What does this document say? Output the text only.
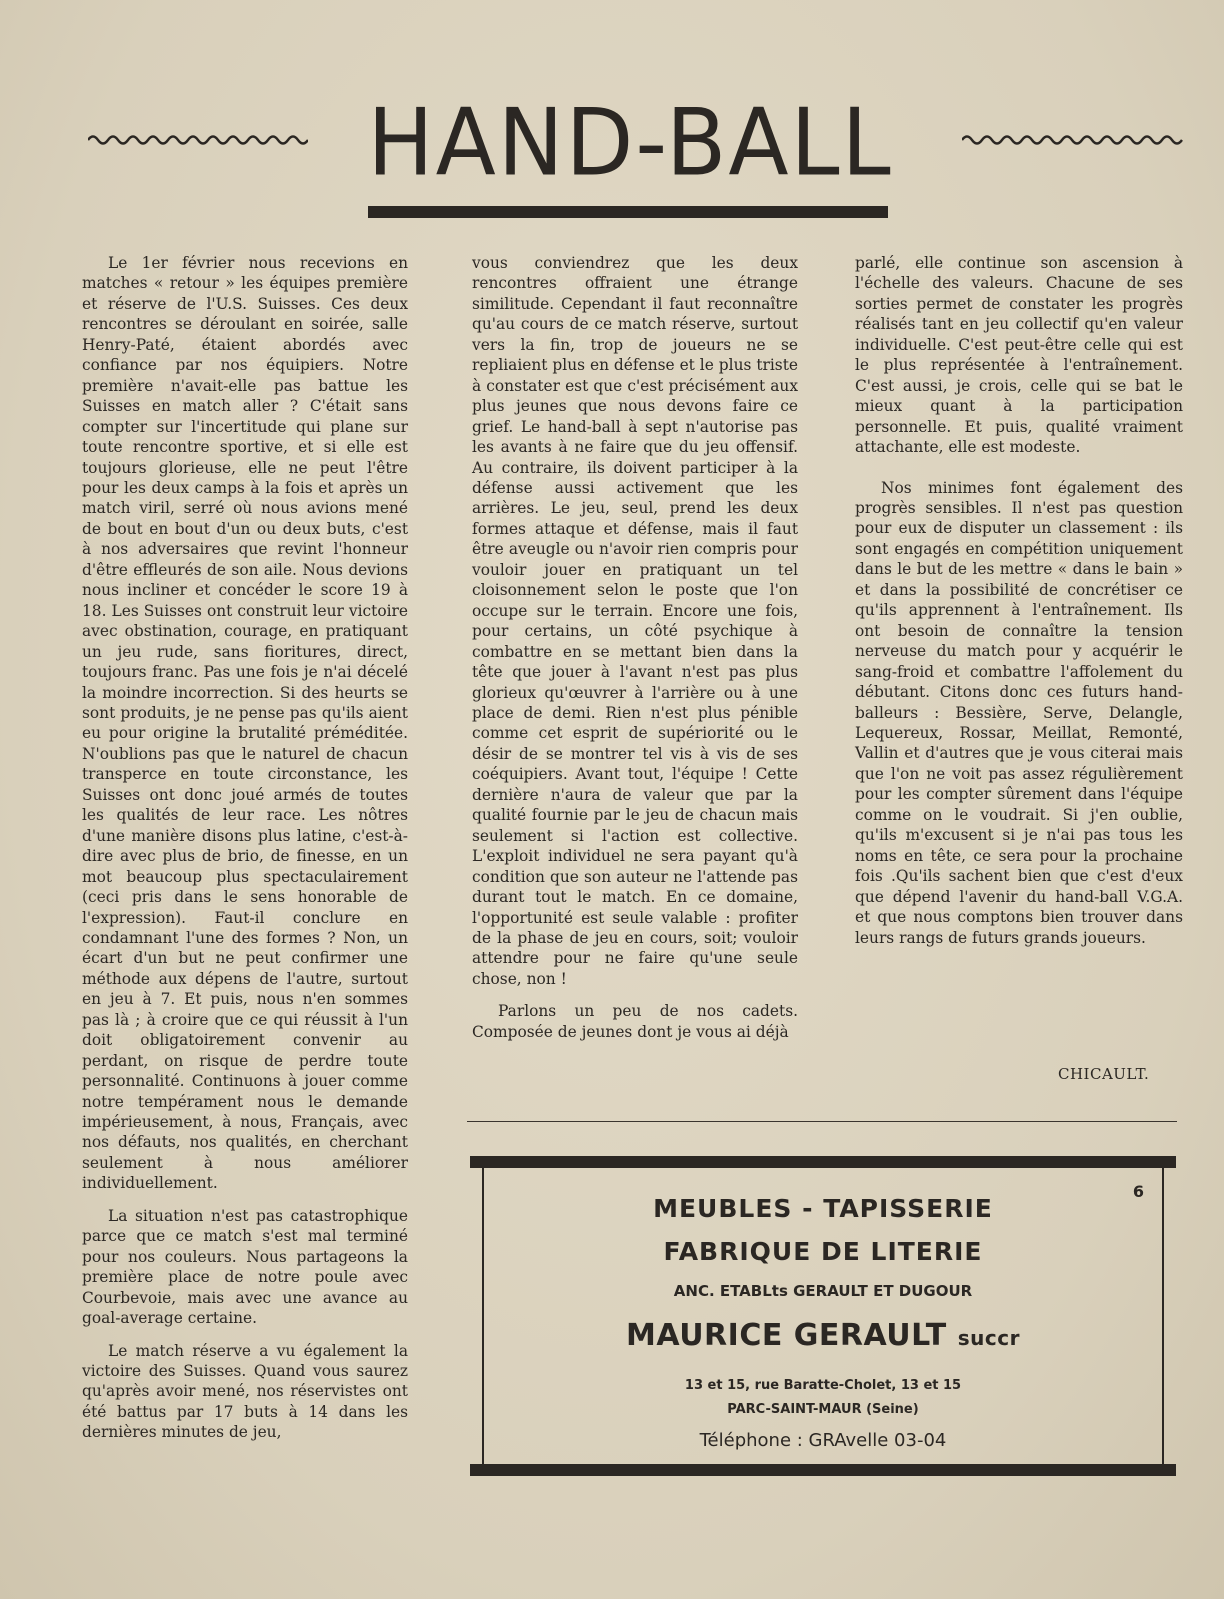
HAND-BALL

Le 1er février nous recevions en matches « retour » les équipes première et réserve de l'U.S. Suisses. Ces deux rencontres se déroulant en soirée, salle Henry-Paté, étaient abordés avec confiance par nos équipiers. Notre première n'avait-elle pas battue les Suisses en match aller ? C'était sans compter sur l'incertitude qui plane sur toute rencontre sportive, et si elle est toujours glorieuse, elle ne peut l'être pour les deux camps à la fois et après un match viril, serré où nous avions mené de bout en bout d'un ou deux buts, c'est à nos adversaires que revint l'honneur d'être effleurés de son aile. Nous devions nous incliner et concéder le score 19 à 18. Les Suisses ont construit leur victoire avec obstination, courage, en pratiquant un jeu rude, sans fioritures, direct, toujours franc. Pas une fois je n'ai décelé la moindre incorrection. Si des heurts se sont produits, je ne pense pas qu'ils aient eu pour origine la brutalité préméditée. N'oublions pas que le naturel de chacun transperce en toute circonstance, les Suisses ont donc joué armés de toutes les qualités de leur race. Les nôtres d'une manière disons plus latine, c'est-à-dire avec plus de brio, de finesse, en un mot beaucoup plus spectaculairement (ceci pris dans le sens honorable de l'expression). Faut-il conclure en condamnant l'une des formes ? Non, un écart d'un but ne peut confirmer une méthode aux dépens de l'autre, surtout en jeu à 7. Et puis, nous n'en sommes pas là ; à croire que ce qui réussit à l'un doit obligatoirement convenir au perdant, on risque de perdre toute personnalité. Continuons à jouer comme notre tempérament nous le demande impérieusement, à nous, Français, avec nos défauts, nos qualités, en cherchant seulement à nous améliorer individuellement.

La situation n'est pas catastrophique parce que ce match s'est mal terminé pour nos couleurs. Nous partageons la première place de notre poule avec Courbevoie, mais avec une avance au goal-average certaine.

Le match réserve a vu également la victoire des Suisses. Quand vous saurez qu'après avoir mené, nos réservistes ont été battus par 17 buts à 14 dans les dernières minutes de jeu,

vous conviendrez que les deux rencontres offraient une étrange similitude. Cependant il faut reconnaître qu'au cours de ce match réserve, surtout vers la fin, trop de joueurs ne se repliaient plus en défense et le plus triste à constater est que c'est précisément aux plus jeunes que nous devons faire ce grief. Le hand-ball à sept n'autorise pas les avants à ne faire que du jeu offensif. Au contraire, ils doivent participer à la défense aussi activement que les arrières. Le jeu, seul, prend les deux formes attaque et défense, mais il faut être aveugle ou n'avoir rien compris pour vouloir jouer en pratiquant un tel cloisonnement selon le poste que l'on occupe sur le terrain. Encore une fois, pour certains, un côté psychique à combattre en se mettant bien dans la tête que jouer à l'avant n'est pas plus glorieux qu'œuvrer à l'arrière ou à une place de demi. Rien n'est plus pénible comme cet esprit de supériorité ou le désir de se montrer tel vis à vis de ses coéquipiers. Avant tout, l'équipe ! Cette dernière n'aura de valeur que par la qualité fournie par le jeu de chacun mais seulement si l'action est collective. L'exploit individuel ne sera payant qu'à condition que son auteur ne l'attende pas durant tout le match. En ce domaine, l'opportunité est seule valable : profiter de la phase de jeu en cours, soit; vouloir attendre pour ne faire qu'une seule chose, non !

Parlons un peu de nos cadets. Composée de jeunes dont je vous ai déjà

parlé, elle continue son ascension à l'échelle des valeurs. Chacune de ses sorties permet de constater les progrès réalisés tant en jeu collectif qu'en valeur individuelle. C'est peut-être celle qui est le plus représentée à l'entraînement. C'est aussi, je crois, celle qui se bat le mieux quant à la participation personnelle. Et puis, qualité vraiment attachante, elle est modeste.

Nos minimes font également des progrès sensibles. Il n'est pas question pour eux de disputer un classement : ils sont engagés en compétition uniquement dans le but de les mettre « dans le bain » et dans la possibilité de concrétiser ce qu'ils apprennent à l'entraînement. Ils ont besoin de connaître la tension nerveuse du match pour y acquérir le sang-froid et combattre l'affolement du débutant. Citons donc ces futurs hand-balleurs : Bessière, Serve, Delangle, Lequereux, Rossar, Meillat, Remonté, Vallin et d'autres que je vous citerai mais que l'on ne voit pas assez régulièrement pour les compter sûrement dans l'équipe comme on le voudrait. Si j'en oublie, qu'ils m'excusent si je n'ai pas tous les noms en tête, ce sera pour la prochaine fois .Qu'ils sachent bien que c'est d'eux que dépend l'avenir du hand-ball V.G.A. et que nous comptons bien trouver dans leurs rangs de futurs grands joueurs.

CHICAULT.
6
MEUBLES - TAPISSERIE
FABRIQUE DE LITERIE
ANC. ETABLts GERAULT ET DUGOUR
MAURICE GERAULT succr
13 et 15, rue Baratte-Cholet, 13 et 15
PARC-SAINT-MAUR (Seine)
Téléphone : GRAvelle 03-04
